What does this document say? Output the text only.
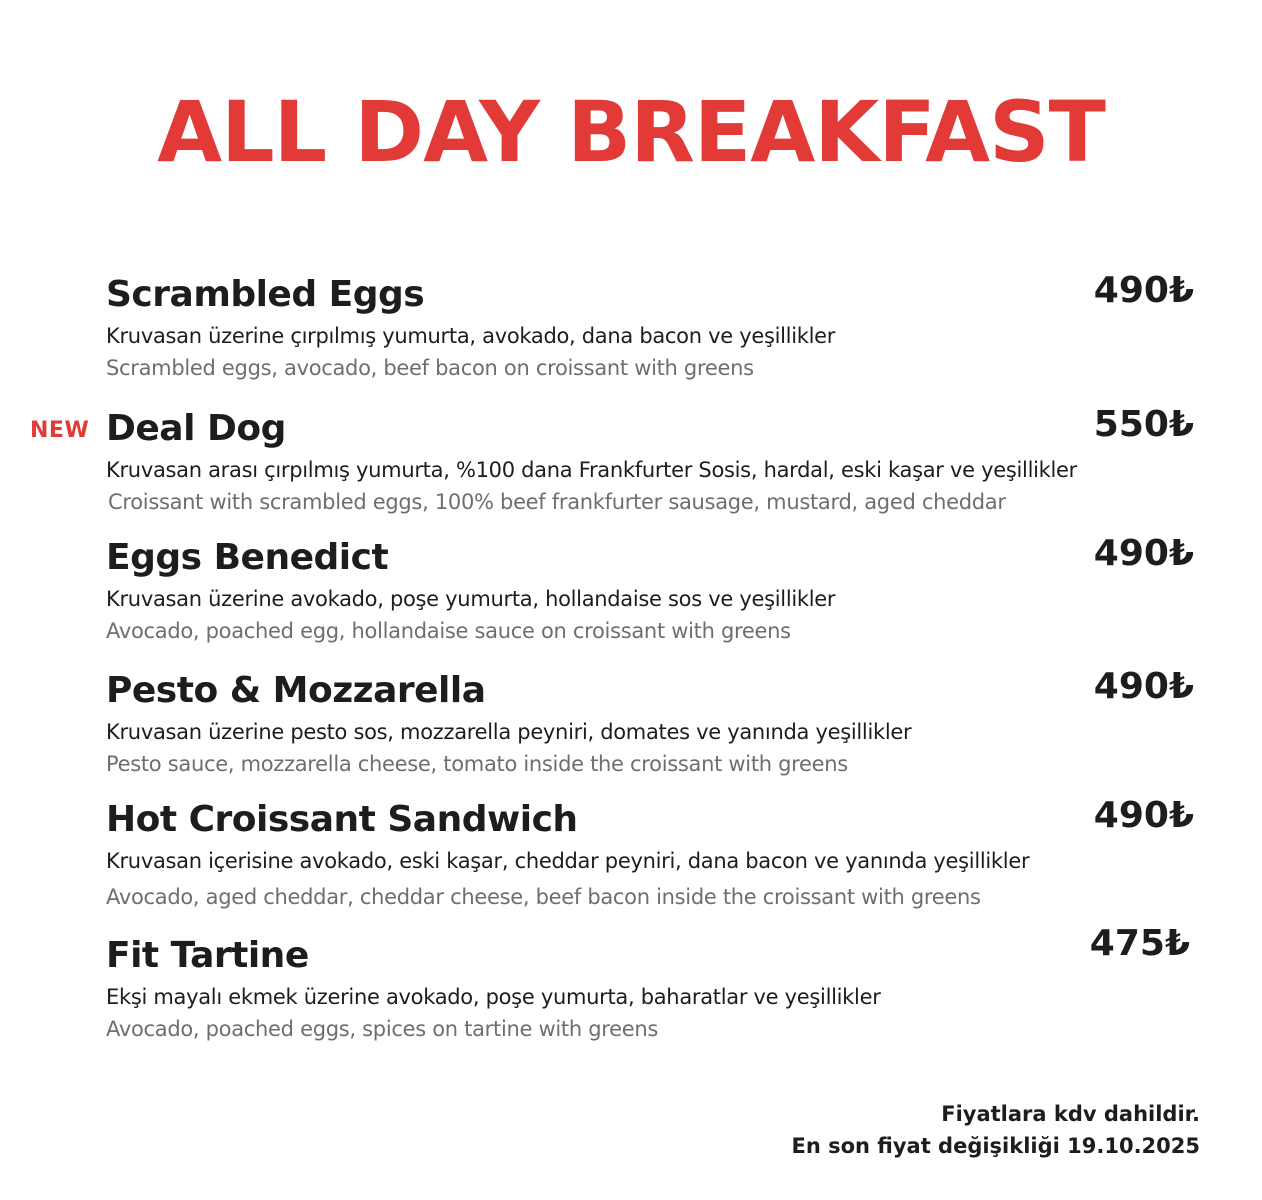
ALL DAY BREAKFAST
Scrambled Eggs	490₺
Kruvasan üzerine çırpılmış yumurta, avokado, dana bacon ve yeşillikler
Scrambled eggs, avocado, beef bacon on croissant with greens
NEW Deal Dog	550₺
Kruvasan arası çırpılmış yumurta, %100 dana Frankfurter Sosis, hardal, eski kaşar ve yeşillikler
Croissant with scrambled eggs, 100% beef frankfurter sausage, mustard, aged cheddar
Eggs Benedict	490₺
Kruvasan üzerine avokado, poşe yumurta, hollandaise sos ve yeşillikler
Avocado, poached egg, hollandaise sauce on croissant with greens
Pesto & Mozzarella	490₺
Kruvasan üzerine pesto sos, mozzarella peyniri, domates ve yanında yeşillikler
Pesto sauce, mozzarella cheese, tomato inside the croissant with greens
Hot Croissant Sandwich	490₺
Kruvasan içerisine avokado, eski kaşar, cheddar peyniri, dana bacon ve yanında yeşillikler
Avocado, aged cheddar, cheddar cheese, beef bacon inside the croissant with greens
Fit Tartine	475₺
Ekşi mayalı ekmek üzerine avokado, poşe yumurta, baharatlar ve yeşillikler
Avocado, poached eggs, spices on tartine with greens
Fiyatlara kdv dahildir.
En son fiyat değişikliği 19.10.2025
